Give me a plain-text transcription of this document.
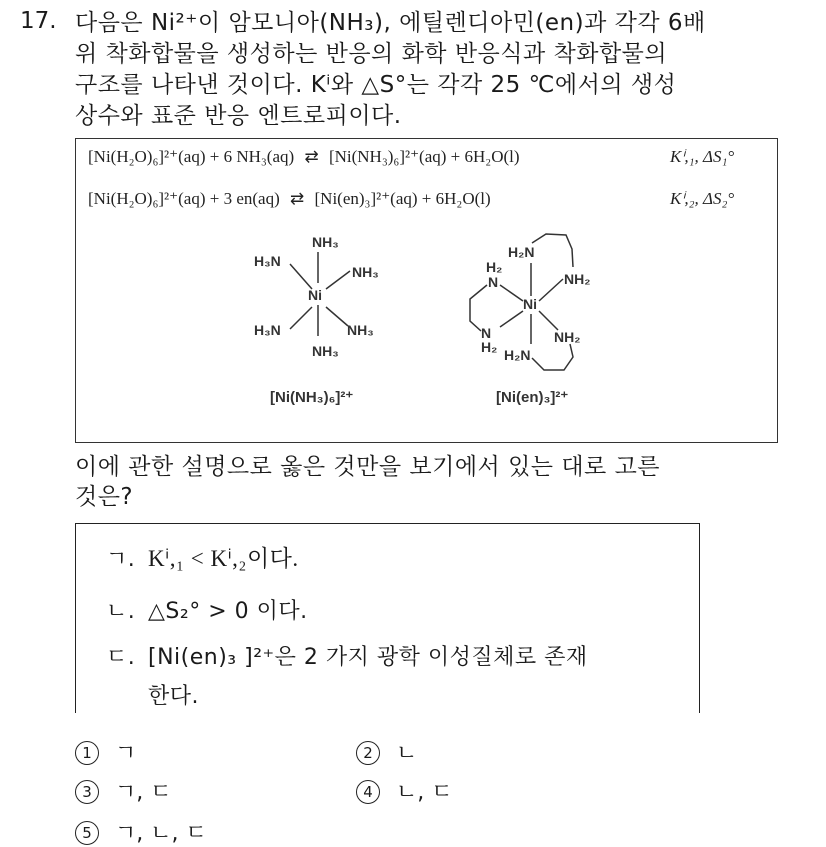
17. 다음은 Ni²⁺이 암모니아(NH₃), 에틸렌디아민(en)과 각각 6배
위 착화합물을 생성하는 반응의 화학 반응식과 착화합물의
구조를 나타낸 것이다. Kⁱ와 △S°는 각각 25 ℃에서의 생성
상수와 표준 반응 엔트로피이다.
[Ni(H₂O)₆]²⁺(aq) + 6 NH₃(aq) ⇄ [Ni(NH₃)₆]²⁺(aq) + 6H₂O(l)	Kⁱ,₁, ΔS₁°
[Ni(H₂O)₆]²⁺(aq) + 3 en(aq) ⇄ [Ni(en)₃]²⁺(aq) + 6H₂O(l)	Kⁱ,₂, ΔS₂°
NH₃
H₃N
NH₃
Ni
H₃N	NH₃
NH₃
H₂N
H₂
N	NH₂
Ni
N
H₂ H₂N
NH₂
[Ni(NH₃)₆]²⁺	[Ni(en)₃]²⁺
이에 관한 설명으로 옳은 것만을 보기에서 있는 대로 고른
것은?
ㄱ. Kⁱ,₁ < Kⁱ,₂이다.
ㄴ. △S₂° > 0 이다.
ㄷ. [Ni(en)₃ ]²⁺은 2 가지 광학 이성질체로 존재
한다.
1 ㄱ	2 ㄴ
3 ㄱ, ㄷ	4 ㄴ, ㄷ
5 ㄱ, ㄴ, ㄷ
